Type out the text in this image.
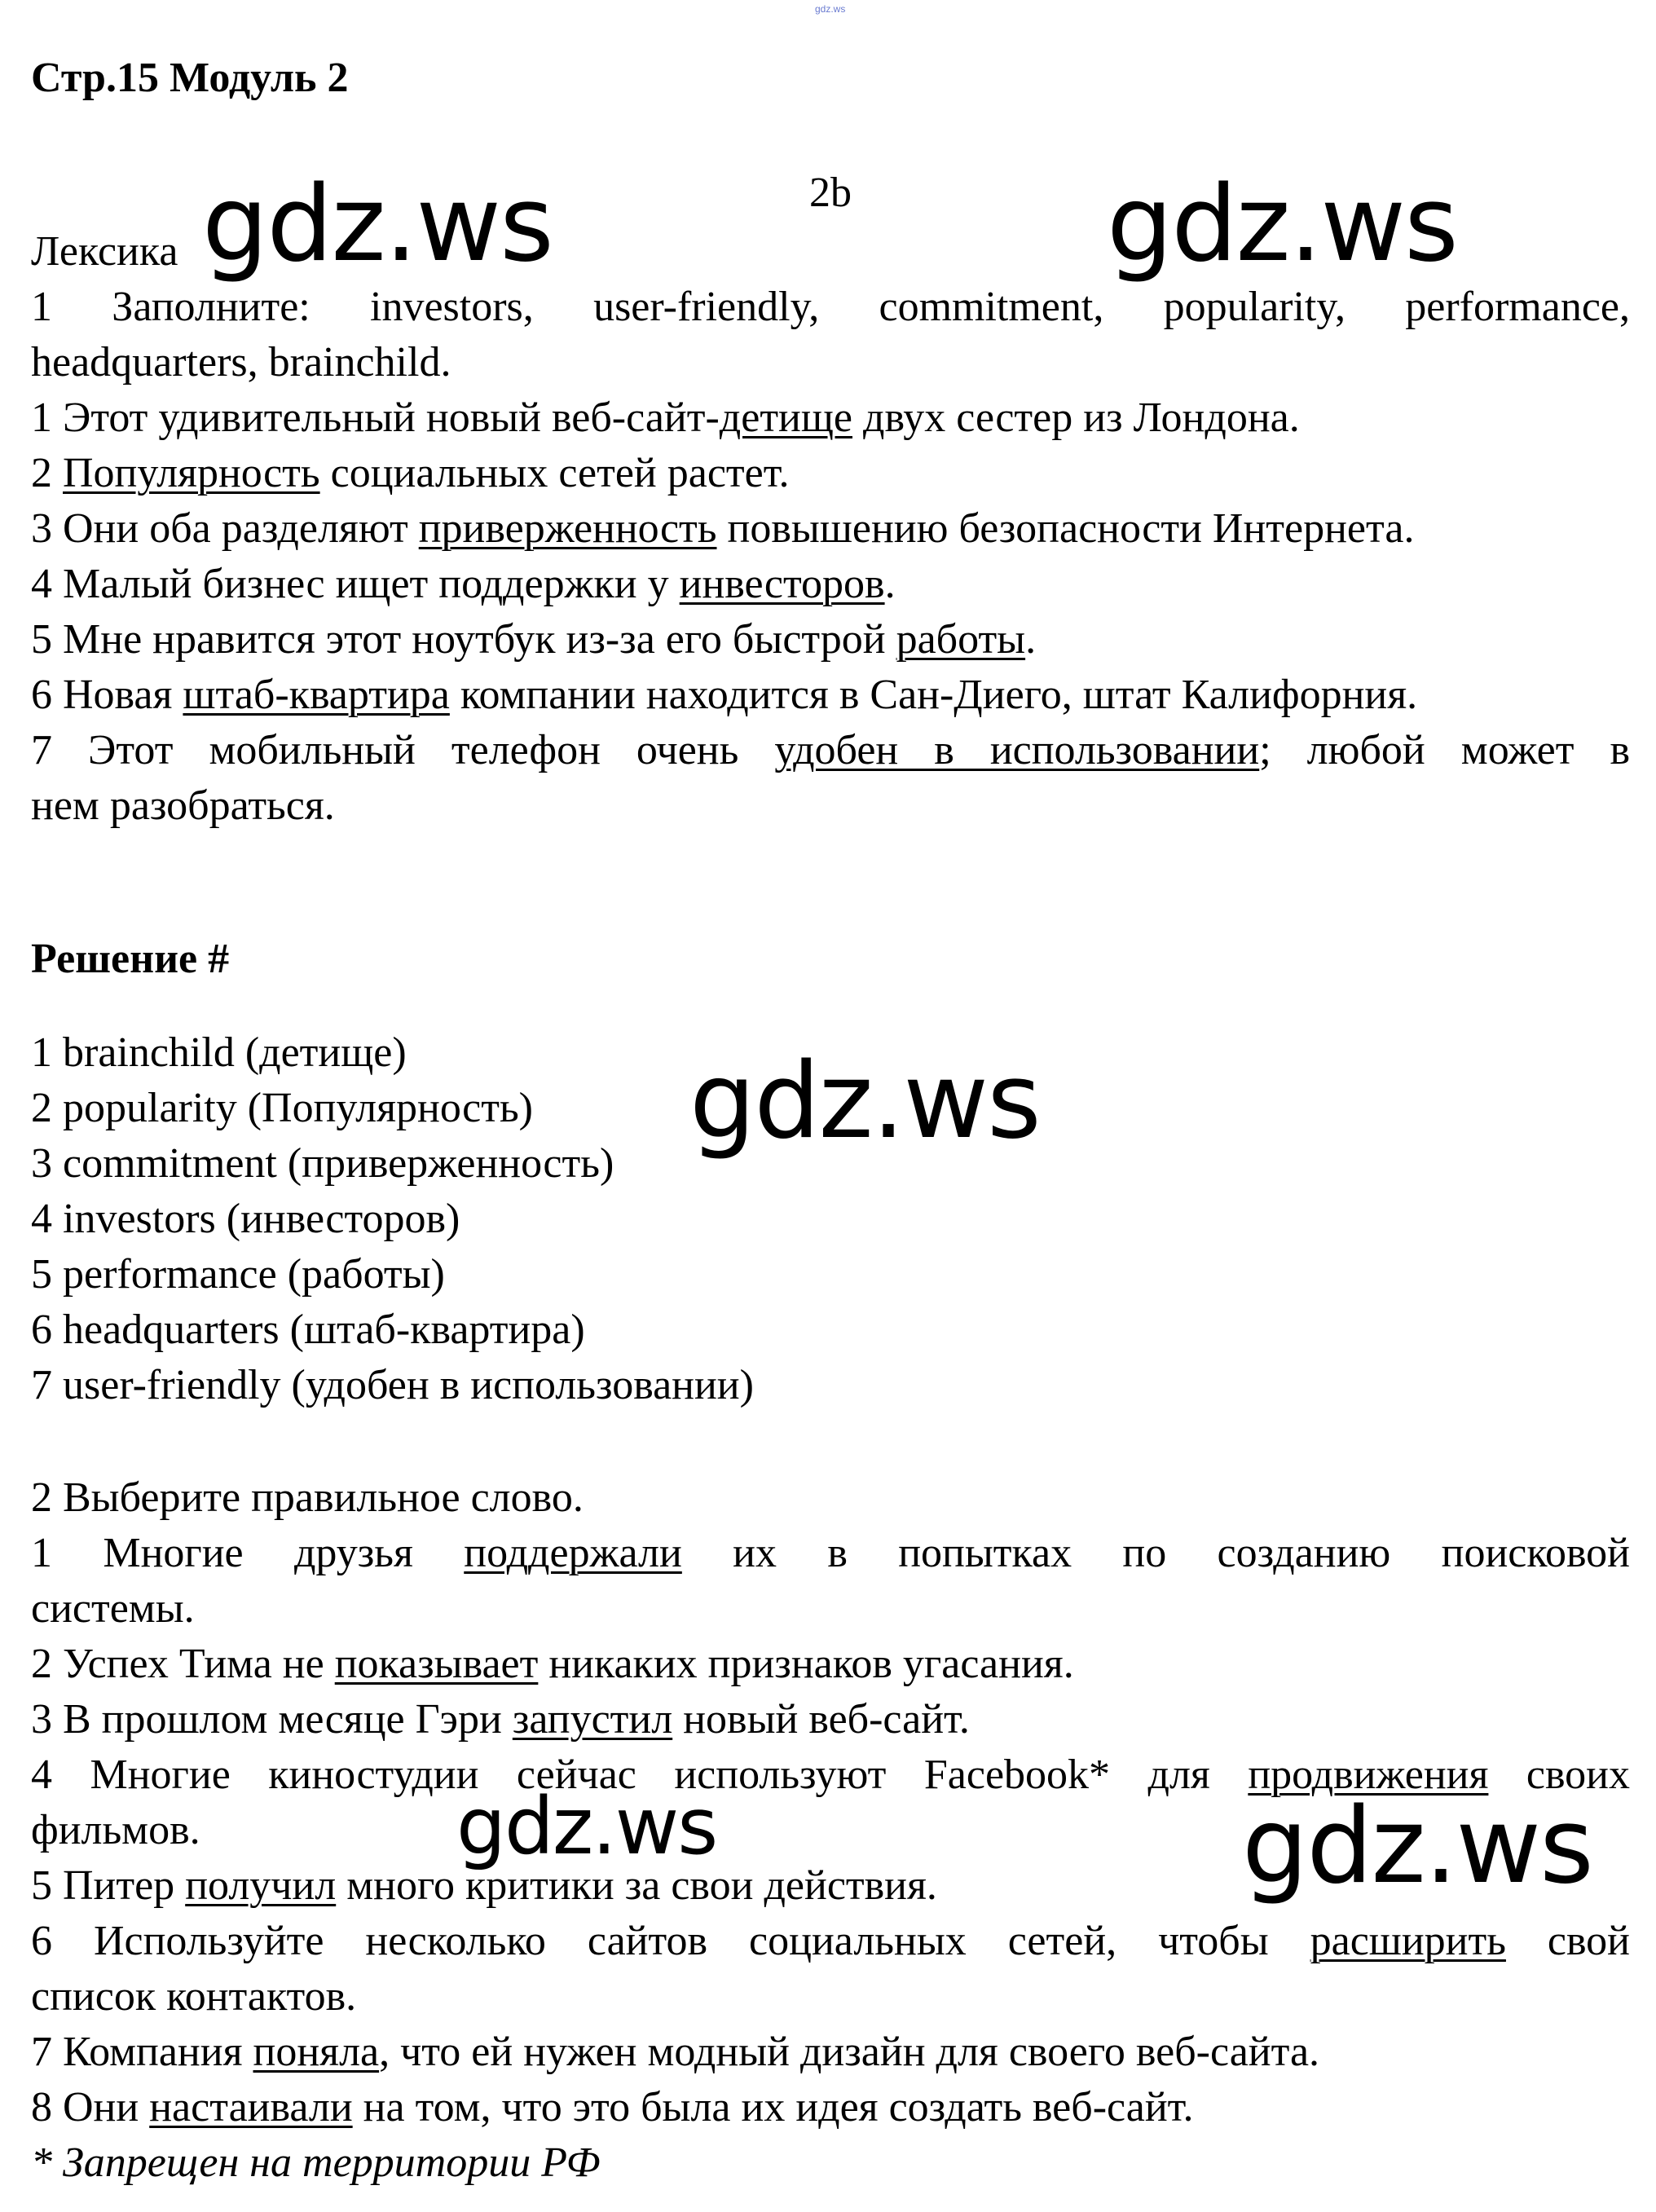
gdz.ws
Стр.15 Модуль 2
2b
Лексика
1 Заполните: investors, user-friendly, commitment, popularity, performance,
headquarters, brainchild.
1 Этот удивительный новый веб-сайт-детище двух сестер из Лондона.
2 Популярность социальных сетей растет.
3 Они оба разделяют приверженность повышению безопасности Интернета.
4 Малый бизнес ищет поддержки у инвесторов.
5 Мне нравится этот ноутбук из-за его быстрой работы.
6 Новая штаб-квартира компании находится в Сан-Диего, штат Калифорния.
7 Этот мобильный телефон очень удобен в использовании; любой может в
нем разобраться.
Решение #
1 brainchild (детище)
2 popularity (Популярность)
3 commitment (приверженность)
4 investors (инвесторов)
5 performance (работы)
6 headquarters (штаб-квартира)
7 user-friendly (удобен в использовании)
2 Выберите правильное слово.
1 Многие друзья поддержали их в попытках по созданию поисковой
системы.
2 Успех Тима не показывает никаких признаков угасания.
3 В прошлом месяце Гэри запустил новый веб-сайт.
4 Многие киностудии сейчас используют Facebook* для продвижения своих
фильмов.
5 Питер получил много критики за свои действия.
6 Используйте несколько сайтов социальных сетей, чтобы расширить свой
список контактов.
7 Компания поняла, что ей нужен модный дизайн для своего веб-сайта.
8 Они настаивали на том, что это была их идея создать веб-сайт.
* Запрещен на территории РФ
gdz.ws	gdz.ws
gdz.ws
gdz.ws	gdz.ws
